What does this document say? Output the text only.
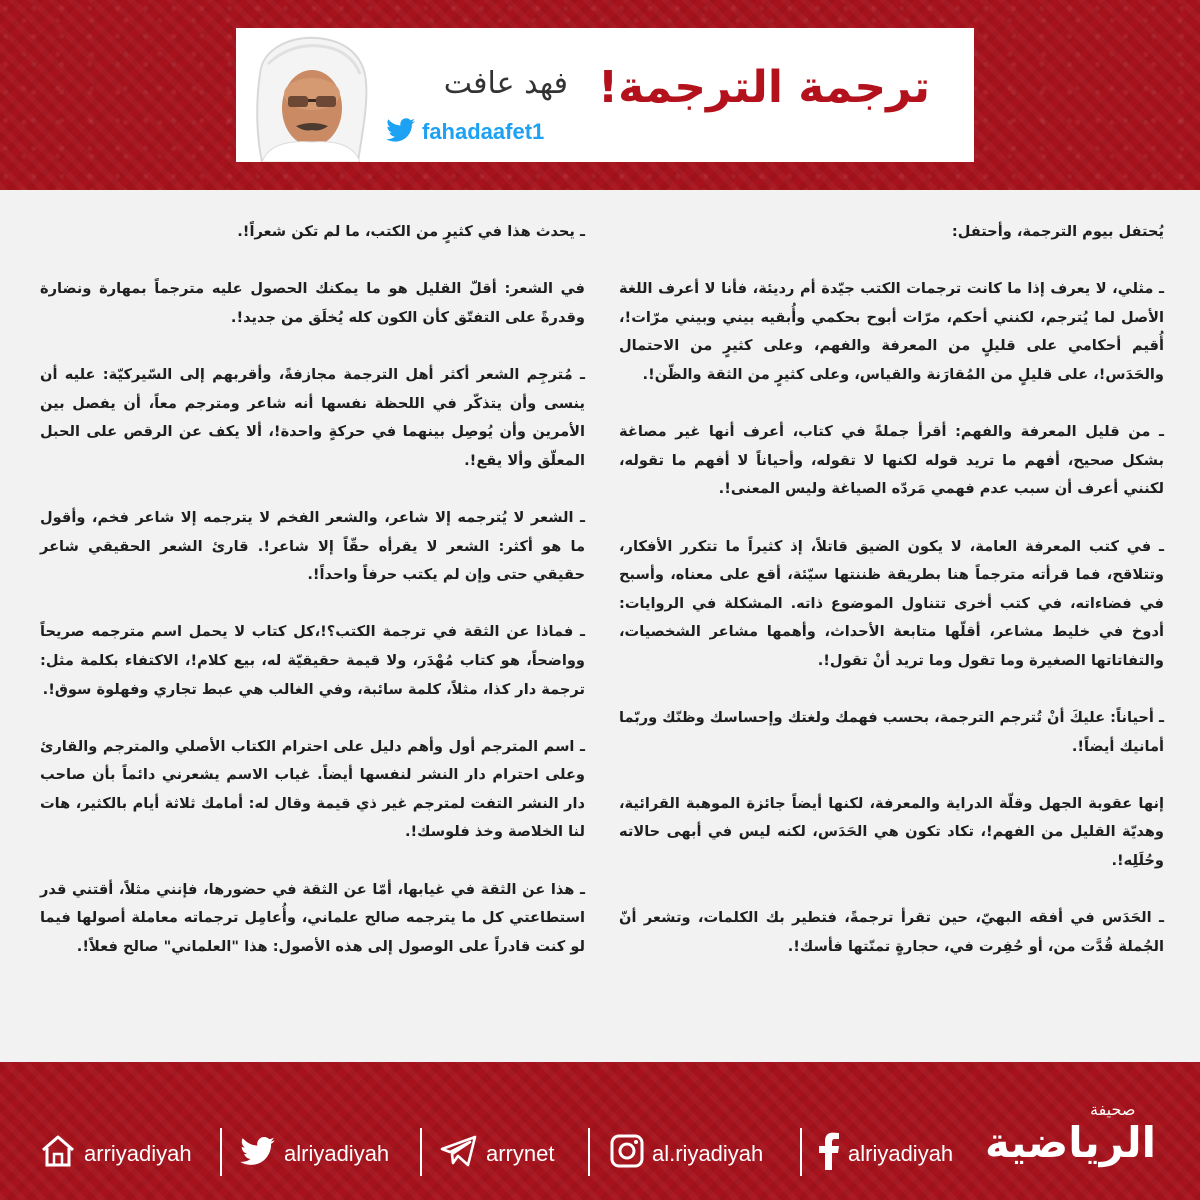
ترجمة الترجمة!
فهد عافت
fahadaafet1

يُحتفل بيوم الترجمة، وأحتفل:

ـ مثلي، لا يعرف إذا ما كانت ترجمات الكتب جيّدة أم رديئة، فأنا لا أعرف اللغة الأصل لما يُترجم، لكنني أحكم، مرّات أبوح بحكمي وأُبقيه بيني وبيني مرّات!، أُقيم أحكامي على قليلٍ من المعرفة والفهم، وعلى كثيرٍ من الاحتمال والحَدَس!، على قليلٍ من المُقارَنة والقياس، وعلى كثيرٍ من الثقة والظّن!.

ـ من قليل المعرفة والفهم: أقرأ جملةً في كتاب، أعرف أنها غير مصاغة بشكل صحيح، أفهم ما تريد قوله لكنها لا تقوله، وأحياناً لا أفهم ما تقوله، لكنني أعرف أن سبب عدم فهمي مَردّه الصياغة وليس المعنى!.

ـ في كتب المعرفة العامة، لا يكون الضيق قاتلاً، إذ كثيراً ما تتكرر الأفكار، وتتلاقح، فما قرأته مترجماً هنا بطريقة ظننتها سيّئة، أقع على معناه، وأسبح في فضاءاته، في كتب أخرى تتناول الموضوع ذاته. المشكلة في الروايات: أدوخ في خليط مشاعر، أقلّها متابعة الأحداث، وأهمها مشاعر الشخصيات، والتفاتاتها الصغيرة وما تقول وما تريد أنْ تقول!.

ـ أحياناً: عليكَ أنْ تُترجم الترجمة، بحسب فهمك ولغتك وإحساسك وظنّك وربّما أمانيك أيضاً!.

إنها عقوبة الجهل وقلّة الدراية والمعرفة، لكنها أيضاً جائزة الموهبة القرائية، وهديّة القليل من الفهم!، تكاد تكون هي الحَدَس، لكنه ليس في أبهى حالاته وحُلَلِه!.

ـ الحَدَس في أفقه البهيّ، حين تقرأ ترجمةً، فتطير بك الكلمات، وتشعر أنّ الجُملة قُدَّت من، أو حُفِرت في، حجارةٍ تمنّتها فأسك!.

ـ يحدث هذا في كثيرٍ من الكتب، ما لم تكن شعراً!.

في الشعر: أقلّ القليل هو ما يمكنك الحصول عليه مترجماً بمهارة ونضارة وقدرةً على التفتّق كأن الكون كله يُخلَق من جديد!.

ـ مُترجِم الشعر أكثر أهل الترجمة مجازفةً، وأقربهم إلى السّيركيّة: عليه أن ينسى وأن يتذكّر في اللحظة نفسها أنه شاعر ومترجم معاً، أن يفصل بين الأمرين وأن يُوصِل بينهما في حركةٍ واحدة!، ألا يكف عن الرقص على الحبل المعلّق وألا يقع!.

ـ الشعر لا يُترجمه إلا شاعر، والشعر الفخم لا يترجمه إلا شاعر فخم، وأقول ما هو أكثر: الشعر لا يقرأه حقّاً إلا شاعر!. قارئ الشعر الحقيقي شاعر حقيقي حتى وإن لم يكتب حرفاً واحداً!.

ـ فماذا عن الثقة في ترجمة الكتب؟!،كل كتاب لا يحمل اسم مترجمه صريحاً وواضحاً، هو كتاب مُهْدَر، ولا قيمة حقيقيّة له، بيع كلام!، الاكتفاء بكلمة مثل: ترجمة دار كذا، مثلاً، كلمة سائبة، وفي الغالب هي عبط تجاري وفهلوة سوق!.

ـ اسم المترجم أول وأهم دليل على احترام الكتاب الأصلي والمترجم والقارئ وعلى احترام دار النشر لنفسها أيضاً. غياب الاسم يشعرني دائماً بأن صاحب دار النشر التفت لمترجم غير ذي قيمة وقال له: أمامك ثلاثة أيام بالكثير، هات لنا الخلاصة وخذ فلوسك!.

ـ هذا عن الثقة في غيابها، أمّا عن الثقة في حضورها، فإنني مثلاً، أقتني قدر استطاعتي كل ما يترجمه صالح علماني، وأُعامِل ترجماته معاملة أصولها فيما لو كنت قادراً على الوصول إلى هذه الأصول: هذا "العلماني" صالح فعلاً!.

arriyadiyah	alriyadiyah	arrynet	al.riyadiyah	alriyadiyah
صحيفة
الرياضية
